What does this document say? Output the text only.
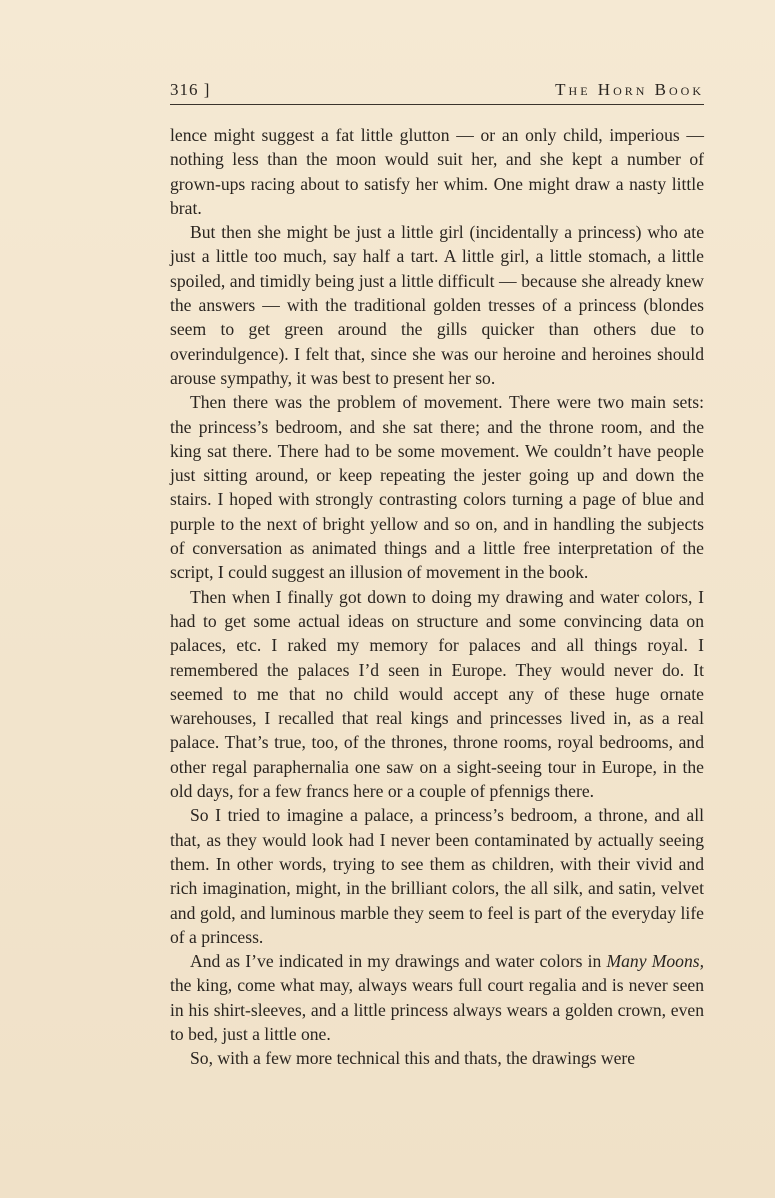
316 ]	The Horn Book

lence might suggest a fat little glutton — or an only child, imperious — nothing less than the moon would suit her, and she kept a number of grown-ups racing about to satisfy her whim. One might draw a nasty little brat.

But then she might be just a little girl (incidentally a princess) who ate just a little too much, say half a tart. A little girl, a little stomach, a little spoiled, and timidly being just a little difficult — because she already knew the answers — with the traditional golden tresses of a princess (blondes seem to get green around the gills quicker than others due to overindulgence). I felt that, since she was our heroine and heroines should arouse sympathy, it was best to present her so.

Then there was the problem of movement. There were two main sets: the princess’s bedroom, and she sat there; and the throne room, and the king sat there. There had to be some movement. We couldn’t have people just sitting around, or keep repeating the jester going up and down the stairs. I hoped with strongly contrasting colors turning a page of blue and purple to the next of bright yellow and so on, and in handling the subjects of conversation as animated things and a little free interpretation of the script, I could suggest an illusion of movement in the book.

Then when I finally got down to doing my drawing and water colors, I had to get some actual ideas on structure and some convincing data on palaces, etc. I raked my memory for palaces and all things royal. I remembered the palaces I’d seen in Europe. They would never do. It seemed to me that no child would accept any of these huge ornate warehouses, I recalled that real kings and princesses lived in, as a real palace. That’s true, too, of the thrones, throne rooms, royal bedrooms, and other regal paraphernalia one saw on a sight-seeing tour in Europe, in the old days, for a few francs here or a couple of pfennigs there.

So I tried to imagine a palace, a princess’s bedroom, a throne, and all that, as they would look had I never been contaminated by actually seeing them. In other words, trying to see them as children, with their vivid and rich imagination, might, in the brilliant colors, the all silk, and satin, velvet and gold, and luminous marble they seem to feel is part of the everyday life of a princess.

And as I’ve indicated in my drawings and water colors in Many Moons, the king, come what may, always wears full court regalia and is never seen in his shirt-sleeves, and a little princess always wears a golden crown, even to bed, just a little one.

So, with a few more technical this and thats, the drawings were
